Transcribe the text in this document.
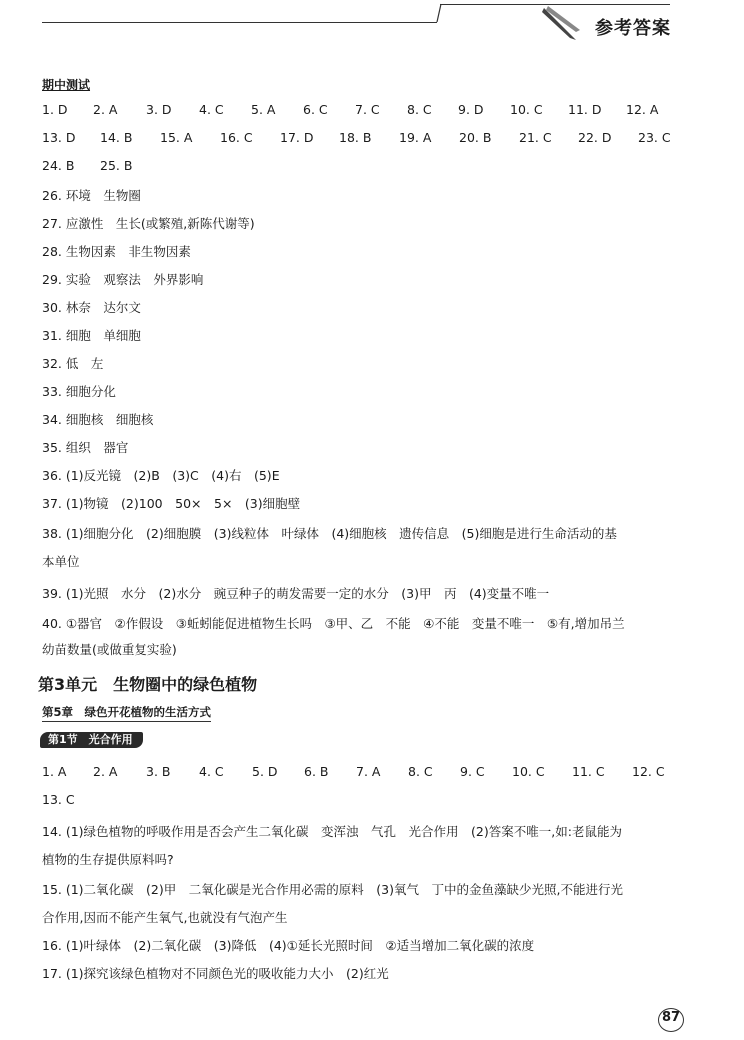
参考答案
期中测试
1. D 2. A 3. D 4. C 5. A 6. C 7. C 8. C 9. D 10. C 11. D 12. A
13. D 14. B 15. A 16. C 17. D 18. B 19. A 20. B 21. C 22. D 23. C
24. B 25. B
26. 环境　生物圈
27. 应激性　生长(或繁殖,新陈代谢等)
28. 生物因素　非生物因素
29. 实验　观察法　外界影响
30. 林奈　达尔文
31. 细胞　单细胞
32. 低　左
33. 细胞分化
34. 细胞核　细胞核
35. 组织　器官
36. (1)反光镜　(2)B　(3)C　(4)右　(5)E
37. (1)物镜　(2)100　50×　5×　(3)细胞壁
38. (1)细胞分化　(2)细胞膜　(3)线粒体　叶绿体　(4)细胞核　遗传信息　(5)细胞是进行生命活动的基
本单位
39. (1)光照　水分　(2)水分　豌豆种子的萌发需要一定的水分　(3)甲　丙　(4)变量不唯一
40. ①器官　②作假设　③蚯蚓能促进植物生长吗　③甲、乙　不能　④不能　变量不唯一　⑤有,增加吊兰
幼苗数量(或做重复实验)
第3单元　生物圈中的绿色植物
第5章　绿色开花植物的生活方式
第1节　光合作用
1. A 2. A 3. B 4. C 5. D 6. B 7. A 8. C 9. C 10. C 11. C 12. C
13. C
14. (1)绿色植物的呼吸作用是否会产生二氧化碳　变浑浊　气孔　光合作用　(2)答案不唯一,如:老鼠能为
植物的生存提供原料吗?
15. (1)二氧化碳　(2)甲　二氧化碳是光合作用必需的原料　(3)氧气　丁中的金鱼藻缺少光照,不能进行光
合作用,因而不能产生氧气,也就没有气泡产生
16. (1)叶绿体　(2)二氧化碳　(3)降低　(4)①延长光照时间　②适当增加二氧化碳的浓度
17. (1)探究该绿色植物对不同颜色光的吸收能力大小　(2)红光
87
